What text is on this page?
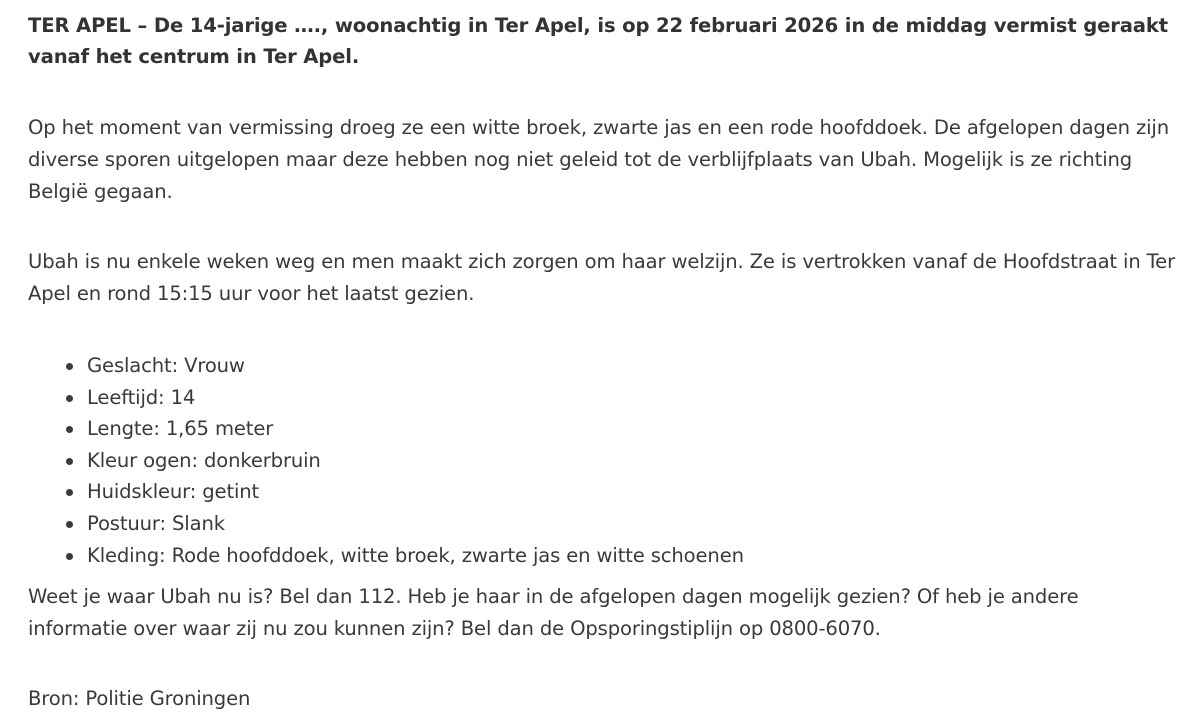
TER APEL – De 14-jarige …., woonachtig in Ter Apel, is op 22 februari 2026 in de middag vermist geraakt vanaf het centrum in Ter Apel.

Op het moment van vermissing droeg ze een witte broek, zwarte jas en een rode hoofddoek. De afgelopen dagen zijn diverse sporen uitgelopen maar deze hebben nog niet geleid tot de verblijfplaats van Ubah. Mogelijk is ze richting België gegaan.

Ubah is nu enkele weken weg en men maakt zich zorgen om haar welzijn. Ze is vertrokken vanaf de Hoofdstraat in Ter Apel en rond 15:15 uur voor het laatst gezien.

Geslacht: Vrouw
Leeftijd: 14
Lengte: 1,65 meter
Kleur ogen: donkerbruin
Huidskleur: getint
Postuur: Slank
Kleding: Rode hoofddoek, witte broek, zwarte jas en witte schoenen

Weet je waar Ubah nu is? Bel dan 112. Heb je haar in de afgelopen dagen mogelijk gezien? Of heb je andere informatie over waar zij nu zou kunnen zijn? Bel dan de Opsporingstiplijn op 0800-6070.

Bron: Politie Groningen
